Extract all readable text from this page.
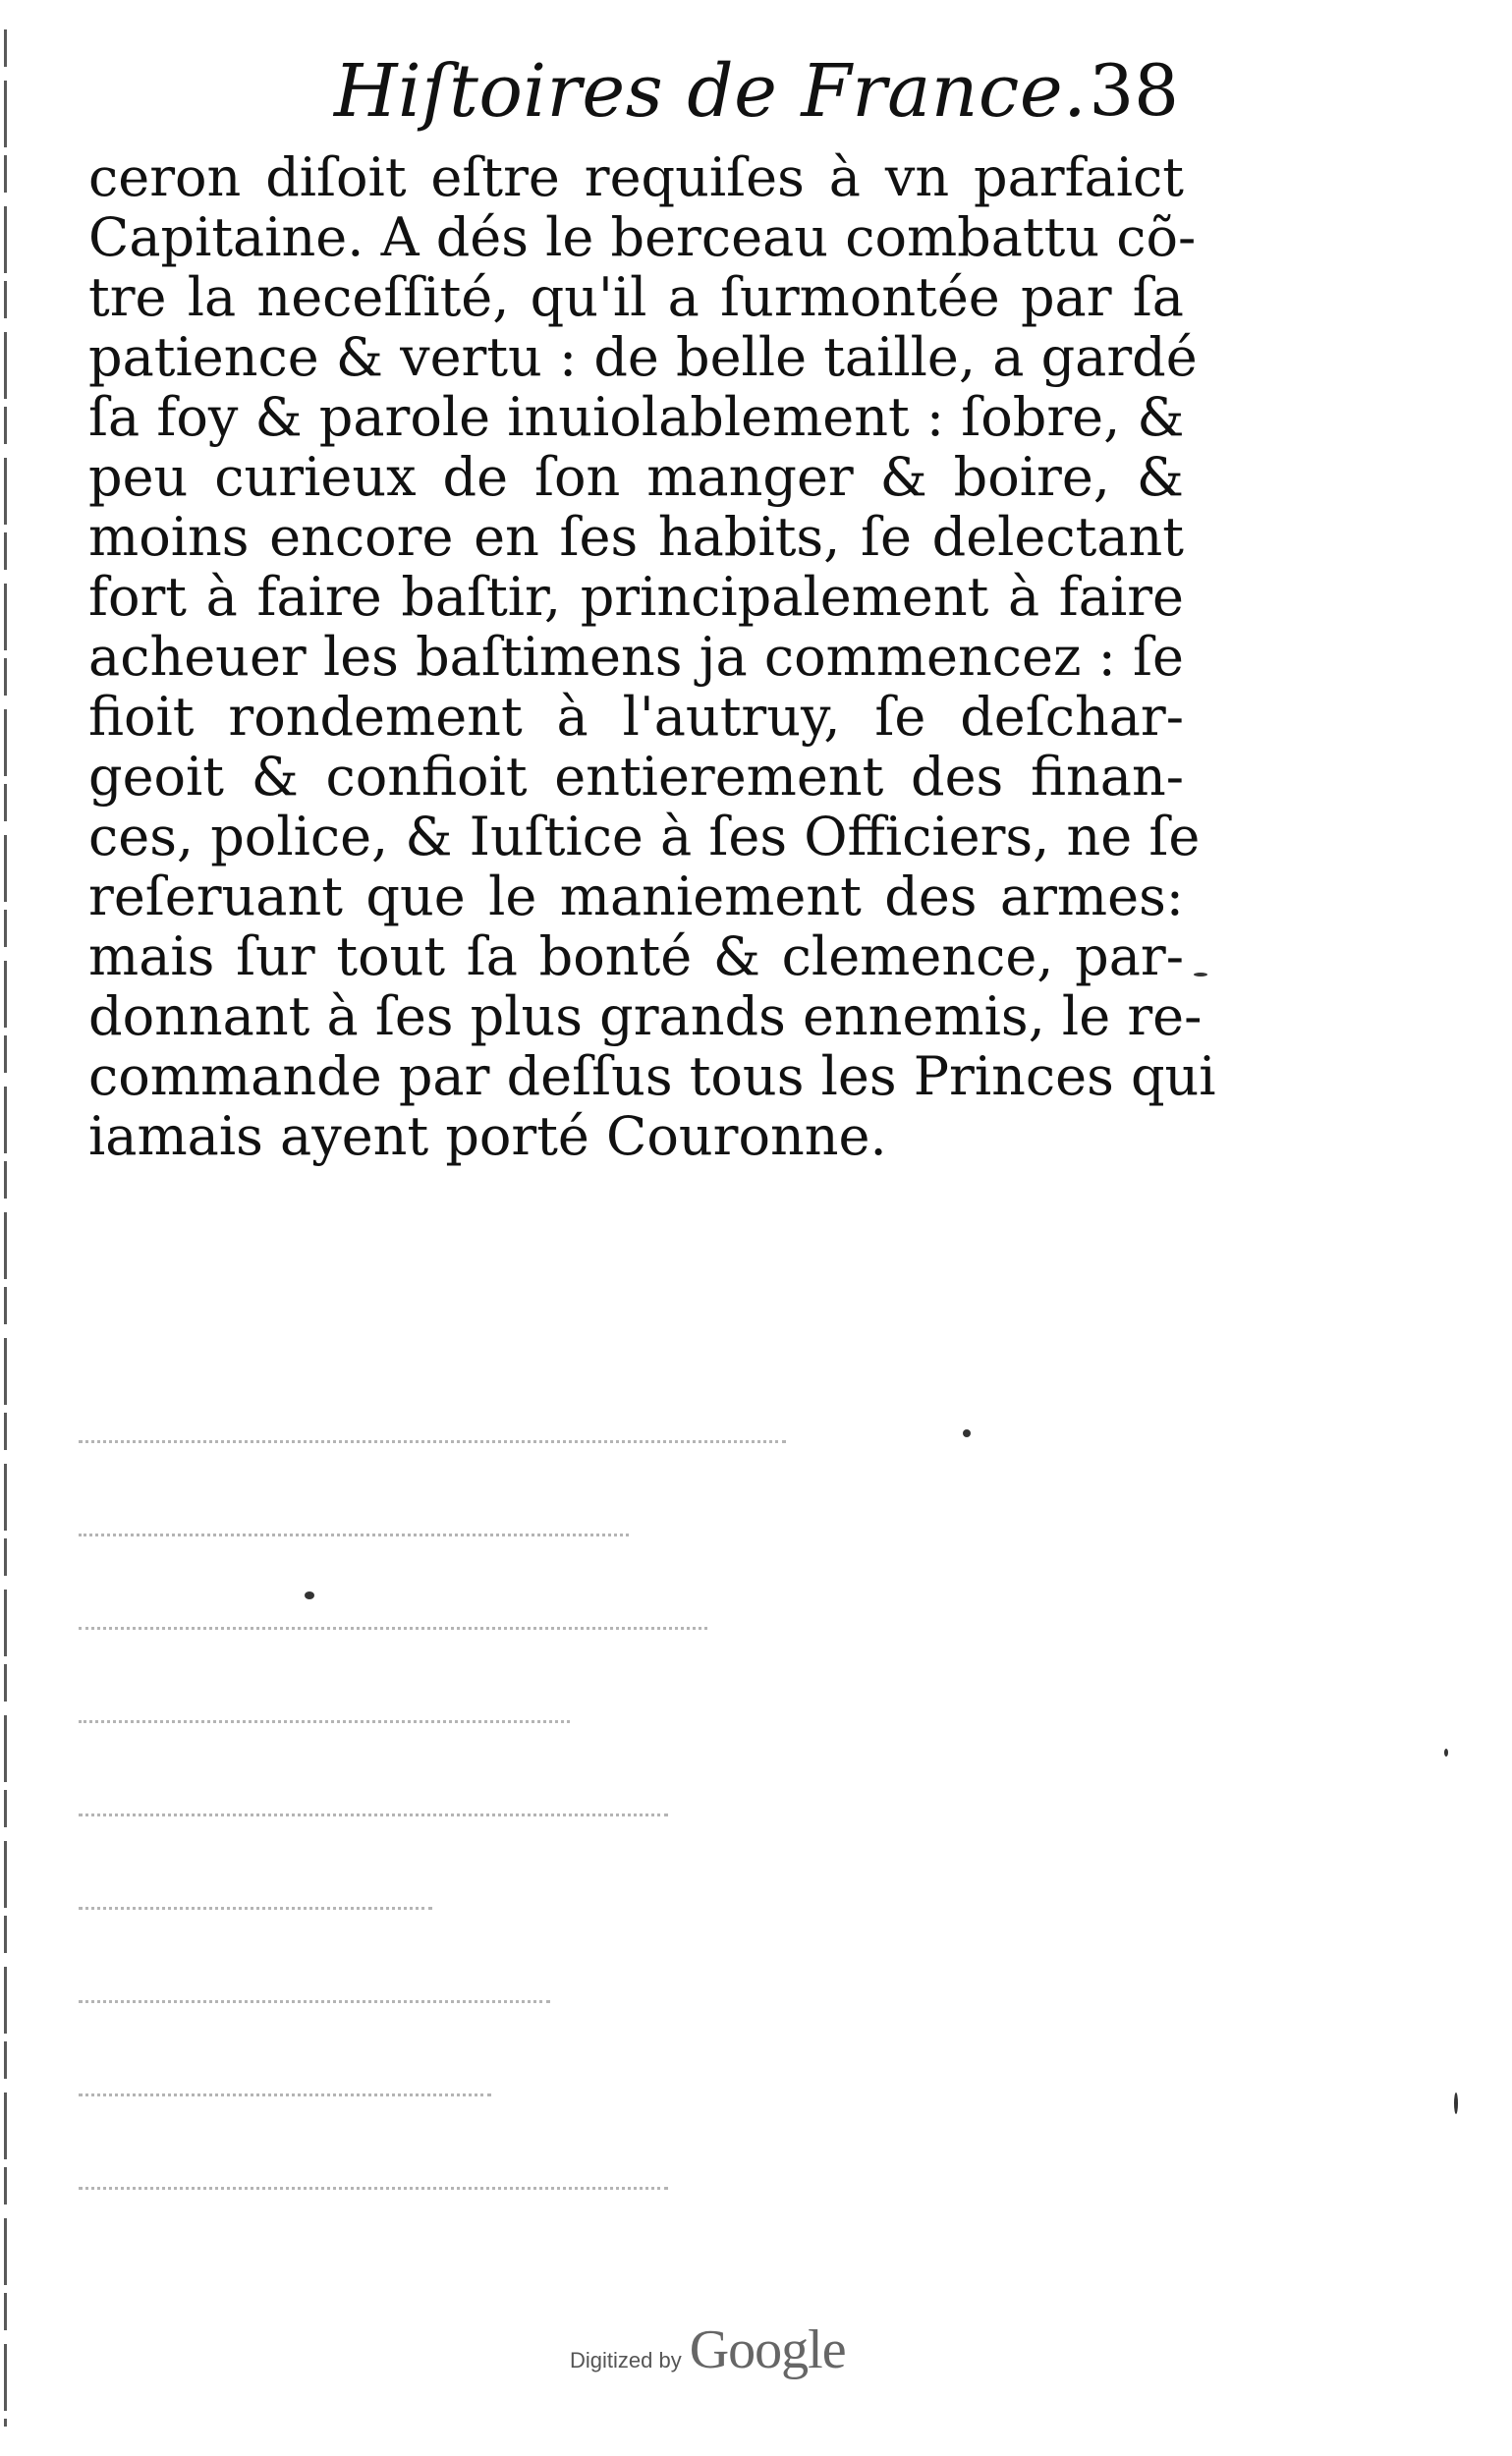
Hiſtoires de France. 38
ceron diſoit eſtre requiſes à vn parfaict
Capitaine. A dés le berceau combattu cõ-
tre la neceſſité, qu'il a ſurmontée par ſa
patience & vertu : de belle taille, a gardé
ſa foy & parole inuiolablement : ſobre, &
peu curieux de ſon manger & boire, &
moins encore en ſes habits, ſe delectant
fort à faire baſtir, principalement à faire
acheuer les baſtimens ja commencez : ſe
fioit rondement à l'autruy, ſe deſchar-
geoit & confioit entierement des finan-
ces, police, & Iuſtice à ſes Officiers, ne ſe
reſeruant que le maniement des armes:
mais ſur tout ſa bonté & clemence, par-
donnant à ſes plus grands ennemis, le re-
commande par deſſus tous les Princes qui
iamais ayent porté Couronne.
Digitized by Google
